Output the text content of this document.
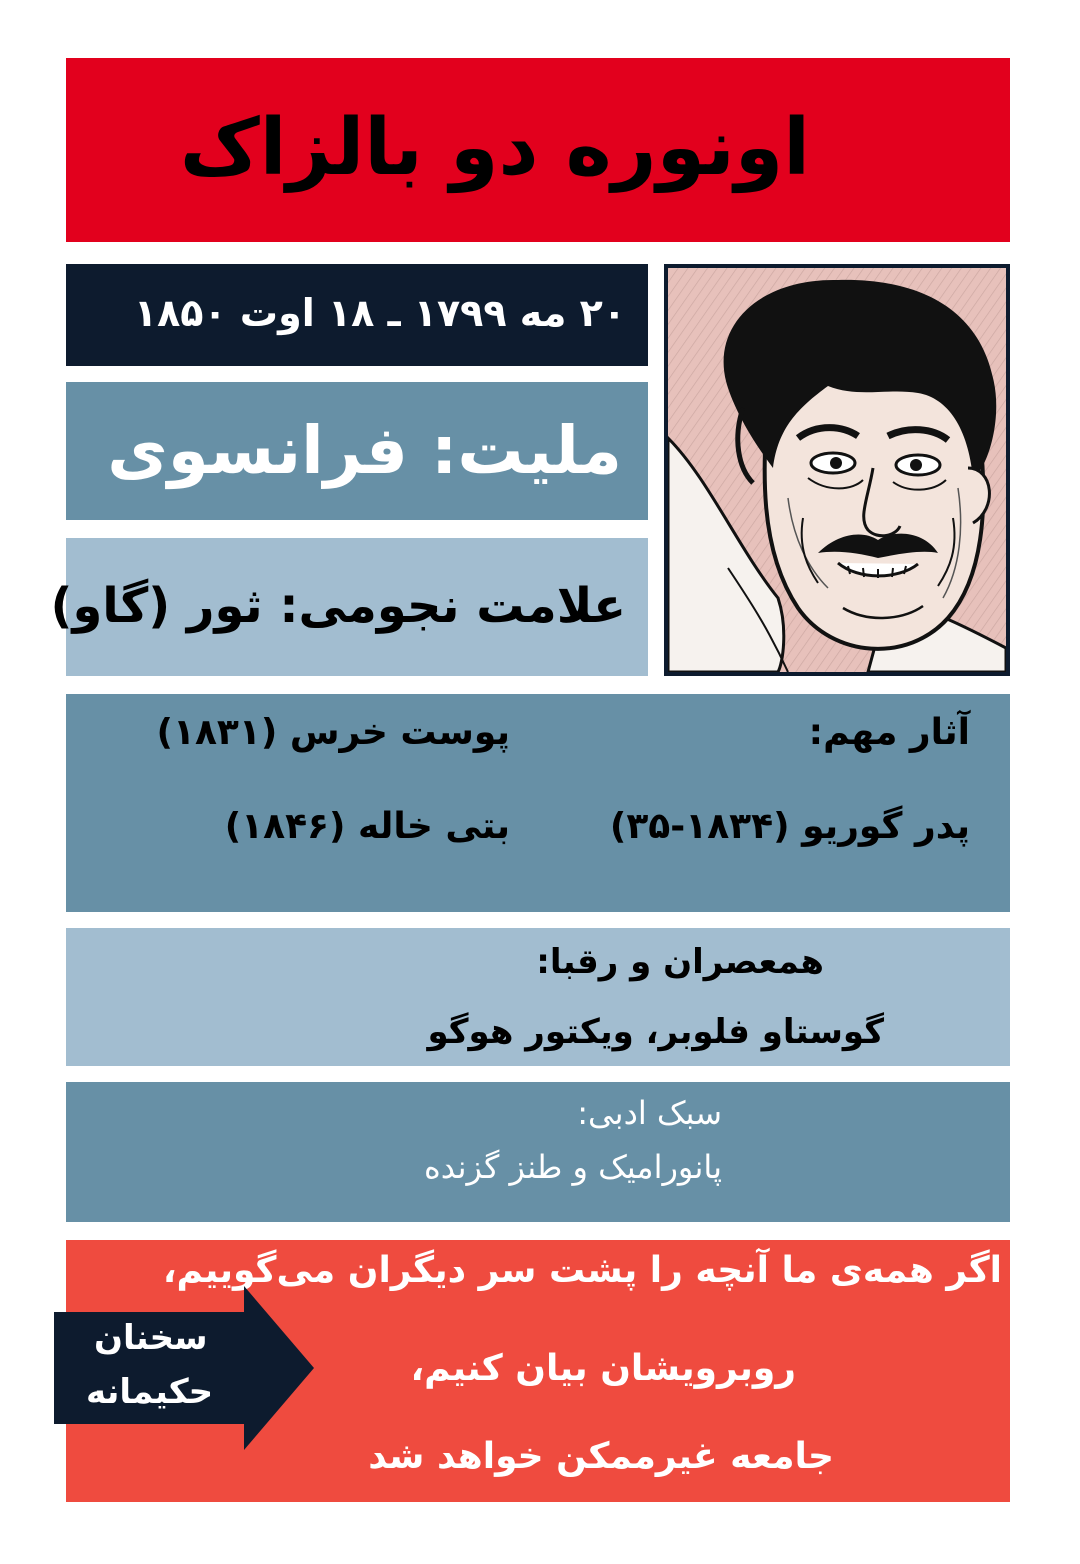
اونوره دو بالزاک
۲۰ مه ۱۷۹۹ ـ ۱۸ اوت ۱۸۵۰
ملیت: فرانسوی
علامت نجومی: ثور (گاو)
آثار مهم:
پوست خرس (۱۸۳۱)
پدر گوریو (۱۸۳۴-۳۵)
بتی خاله (۱۸۴۶)
همعصران و رقبا:
گوستاو فلوبر، ویکتور هوگو
سبک ادبی:
پانورامیک و طنز گزنده
اگر همه‌ی ما آنچه را پشت سر دیگران می‌گوییم،
روبرویشان بیان کنیم،
جامعه غیرممکن خواهد شد
سخنان
حکیمانه
